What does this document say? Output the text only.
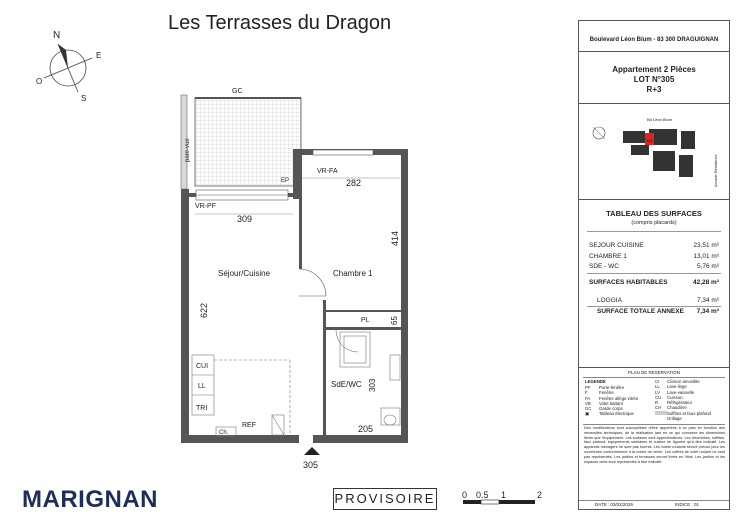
Les Terrasses du Dragon
N
E
S
O
GC
pare-vue
EP
VR-FA
VR-PF
309
282
414
622
65
303
205
Séjour/Cuisine	Chambre 1
PL
SdE/WC
CUI
LL
TRI
Ch.
REF
305
0 0.5 1	2
Boulevard Léon Blum - 83 300 DRAGUIGNAN
Appartement 2 Pièces
LOT N°305
R+3
305
Bd Léon Blum
Arcade Résidence
TABLEAU DES SURFACES
(compris placards)
SEJOUR CUISINE	23,51 m²
CHAMBRE 1	13,01 m²
SDE - WC	5,76 m²
SURFACES HABITABLES	42,28 m²
LOGGIA	7,34 m²
SURFACE TOTALE ANNEXE	7,34 m²
PLAN DE RESERVATION
LEGENDE
PF Porte-fenêtre
F	Fenêtre
FA Fenêtre allège vitrée
VB Volet battant
GC Garde corps
▣ Tableau électrique
CI Cloison amovible
LL Lave-linge
LV Lave-vaisselle
CU Cuisson
R Réfrigérateur
CH Chaudière
Soffites et faux-plafond
Grillage
Des modifications sont susceptibles d'être apportées à ce plan en fonction des nécessités techniques, de la réalisation tant en ce qui concerne les dimensions libres que l'équipement. Les surfaces sont approximatives. Les retombées, soffites, faux plafond, équipements sanitaires et cuisine ne figurent qu'à titre indicatif. Les appareils ménagers ne sont pas fournis. Les volets roulants seront prévus pour les ouvertures conformément à la notice de vente. Les coffres de volet roulant ne sont pas représentés. Les jardins et terrasses seront livrés en l'état. Les jardins et les espaces verts sont représentés à titre indicatif.
DATE : 03/02/2026	INDICE : 01
MARIGNAN	PROVISOIRE
